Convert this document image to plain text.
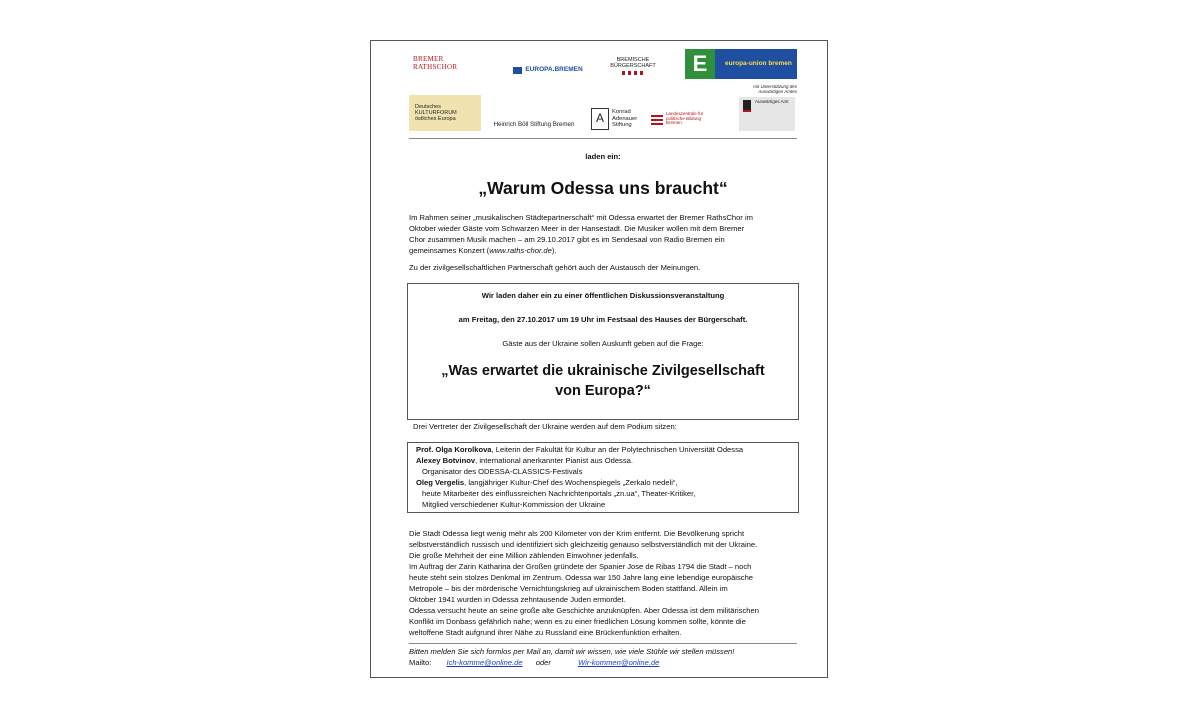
BREMER RATHSCHOR	EUROPA.BREMEN
BREMISCHE BÜRGERSCHAFT	E	europa-union bremen
mit Unterstützung des Auswärtigen Amtes
Deutsches KULTURFORUM östliches Europa
Heinrich Böll Stiftung Bremen	A	Konrad Adenauer Stiftung
Landeszentrale für politische Bildung Bremen
Auswärtiges Amt

laden ein:

„Warum Odessa uns braucht“

Im Rahmen seiner „musikalischen Städtepartnerschaft“ mit Odessa erwartet der Bremer RathsChor im

Oktober wieder Gäste vom Schwarzen Meer in der Hansestadt. Die Musiker wollen mit dem Bremer

Chor zusammen Musik machen – am 29.10.2017 gibt es im Sendesaal von Radio Bremen ein

gemeinsames Konzert (www.raths-chor.de).

Zu der zivilgesellschaftlichen Partnerschaft gehört auch der Austausch der Meinungen.

Wir laden daher ein zu einer öffentlichen Diskussionsveranstaltung

am Freitag, den 27.10.2017 um 19 Uhr im Festsaal des Hauses der Bürgerschaft.

Gäste aus der Ukraine sollen Auskunft geben auf die Frage:

„Was erwartet die ukrainische Zivilgesellschaft

von Europa?“

Drei Vertreter der Zivilgesellschaft der Ukraine werden auf dem Podium sitzen:

Prof. Olga Korolkova, Leiterin der Fakultät für Kultur an der Polytechnischen Universität Odessa

Alexey Botvinov, international anerkannter Pianist aus Odessa.

Organisator des ODESSA-CLASSICS-Festivals

Oleg Vergelis, langjähriger Kultur-Chef des Wochenspiegels „Zerkalo nedeli“,

heute Mitarbeiter des einflussreichen Nachrichtenportals „zn.ua“, Theater-Kritiker,

Mitglied verschiedener Kultur-Kommission der Ukraine

Die Stadt Odessa liegt wenig mehr als 200 Kilometer von der Krim entfernt. Die Bevölkerung spricht

selbstverständlich russisch und identifiziert sich gleichzeitig genauso selbstverständlich mit der Ukraine.

Die große Mehrheit der eine Million zählenden Einwohner jedenfalls.

Im Auftrag der Zarin Katharina der Großen gründete der Spanier Jose de Ribas 1794 die Stadt – noch

heute steht sein stolzes Denkmal im Zentrum. Odessa war 150 Jahre lang eine lebendige europäische

Metropole – bis der mörderische Vernichtungskrieg auf ukrainischem Boden stattfand. Allein im

Oktober 1941 wurden in Odessa zehntausende Juden ermordet.

Odessa versucht heute an seine große alte Geschichte anzuknüpfen. Aber Odessa ist dem militärischen

Konflikt im Donbass gefährlich nahe; wenn es zu einer friedlichen Lösung kommen sollte, könnte die

weltoffene Stadt aufgrund ihrer Nähe zu Russland eine Brückenfunktion erhalten.

Bitten melden Sie sich formlos per Mail an, damit wir wissen, wie viele Stühle wir stellen müssen!

Mailto: Ich-komme@online.de oder	Wir-kommen@online.de
